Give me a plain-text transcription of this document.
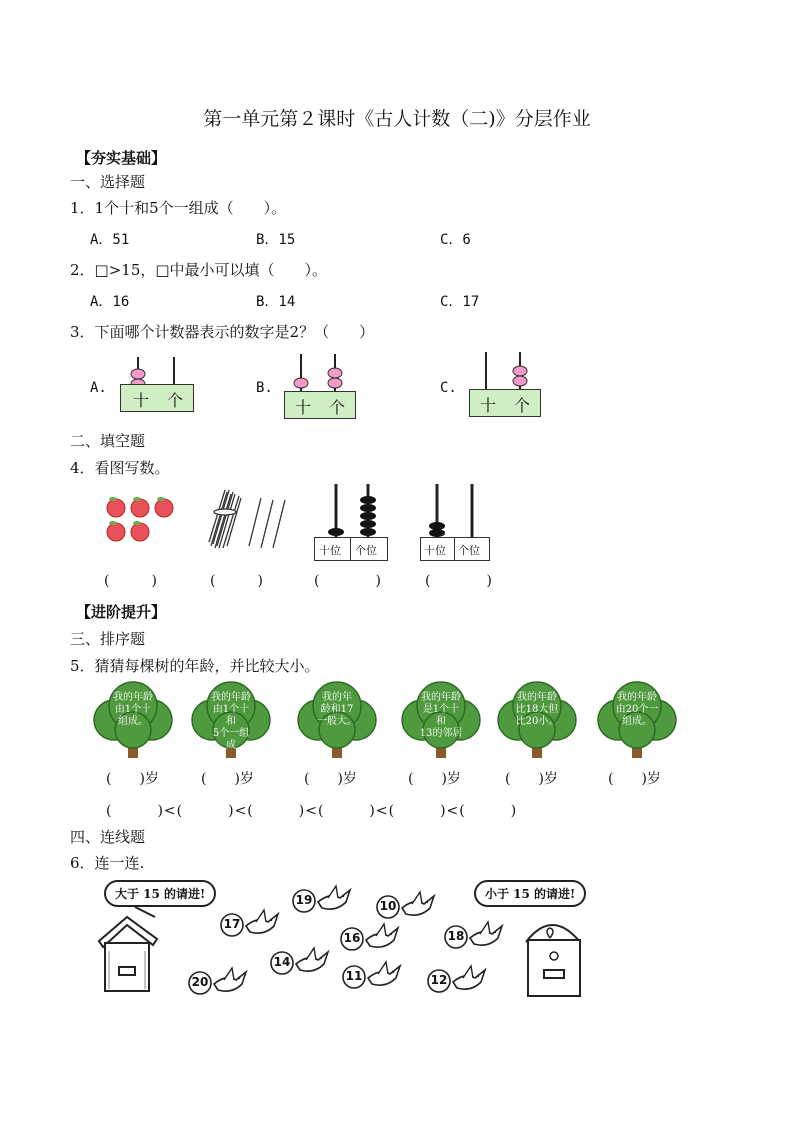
第一单元第２课时《古人计数（二)》分层作业
【夯实基础】
一、选择题
1．1个十和5个一组成（　　）。
A．51	B．15	C．6
2．□>15，□中最小可以填（　　）。
A．16	B．14	C．17
3．下面哪个计数器表示的数字是2？（　　）
A.
十 个
B.
十 个
C.
十 个
二、填空题
4．看图写数。
十位 个位	十位 个位
(　　　)	(　　　)	(　　　　)	(　　　　)
【进阶提升】
三、排序题
5．猜猜每棵树的年龄，并比较大小。
我的年龄
由1个十
组成。
我的年龄
由1个十和
5个一组成
我的年
龄和17
一般大。
我的年龄
是1个十和
13的邻居
我的年龄
比18大但
比20小。
我的年龄
由20个一
组成。
(　　)岁	(　　)岁	(　　)岁	(　　)岁	(　　)岁	(　　)岁
(　　　)<(　　　)<(　　　)<(　　　)<(　　　)<(　　　)
四、连线题
6．连一连.
大于 15 的请进!	小于 15 的请进!
17
19	10
16	18
14
20	11	12
